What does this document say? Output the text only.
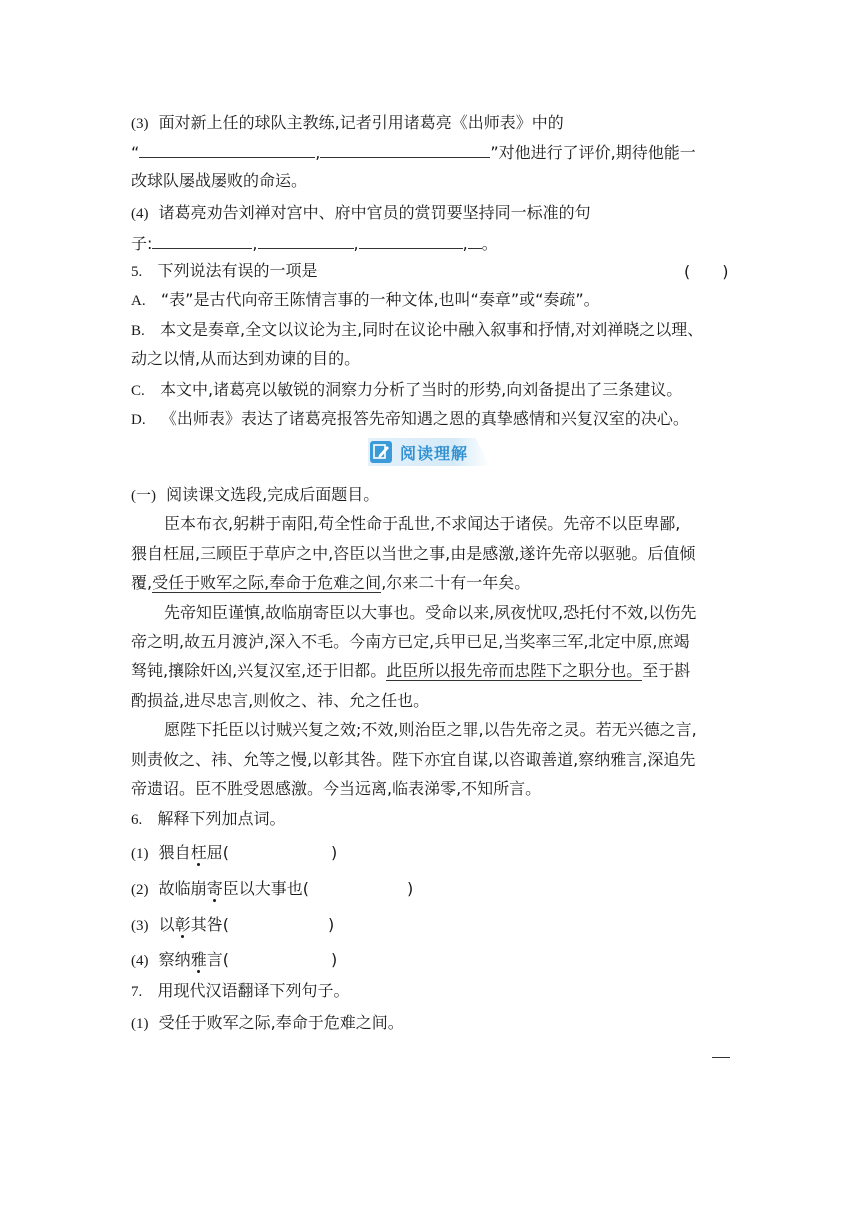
(3) 面对新上任的球队主教练,记者引用诸葛亮《出师表》中的
“	,	”对他进行了评价,期待他能一
改球队屡战屡败的命运。
(4) 诸葛亮劝告刘禅对宫中、府中官员的赏罚要坚持同一标准的句
子:	,	,	, 。
5. 下列说法有误的一项是	(　　)
A. “表”是古代向帝王陈情言事的一种文体,也叫“奏章”或“奏疏”。
B. 本文是奏章,全文以议论为主,同时在议论中融入叙事和抒情,对刘禅晓之以理、
动之以情,从而达到劝谏的目的。
C. 本文中,诸葛亮以敏锐的洞察力分析了当时的形势,向刘备提出了三条建议。
D. 《出师表》表达了诸葛亮报答先帝知遇之恩的真挚感情和兴复汉室的决心。
阅读理解
(一) 阅读课文选段,完成后面题目。
臣本布衣,躬耕于南阳,苟全性命于乱世,不求闻达于诸侯。先帝不以臣卑鄙,
猥自枉屈,三顾臣于草庐之中,咨臣以当世之事,由是感激,遂许先帝以驱驰。后值倾
覆,受任于败军之际,奉命于危难之间,尔来二十有一年矣。
先帝知臣谨慎,故临崩寄臣以大事也。受命以来,夙夜忧叹,恐托付不效,以伤先
帝之明,故五月渡泸,深入不毛。今南方已定,兵甲已足,当奖率三军,北定中原,庶竭
驽钝,攘除奸凶,兴复汉室,还于旧都。此臣所以报先帝而忠陛下之职分也。至于斟
酌损益,进尽忠言,则攸之、祎、允之任也。
愿陛下托臣以讨贼兴复之效;不效,则治臣之罪,以告先帝之灵。若无兴德之言,
则责攸之、祎、允等之慢,以彰其咎。陛下亦宜自谋,以咨诹善道,察纳雅言,深追先
帝遗诏。臣不胜受恩感激。今当远离,临表涕零,不知所言。
6. 解释下列加点词。
(1) 猥自枉屈(	)
(2) 故临崩寄臣以大事也(	)
(3) 以彰其咎(	)
(4) 察纳雅言(	)
7. 用现代汉语翻译下列句子。
(1) 受任于败军之际,奉命于危难之间。
